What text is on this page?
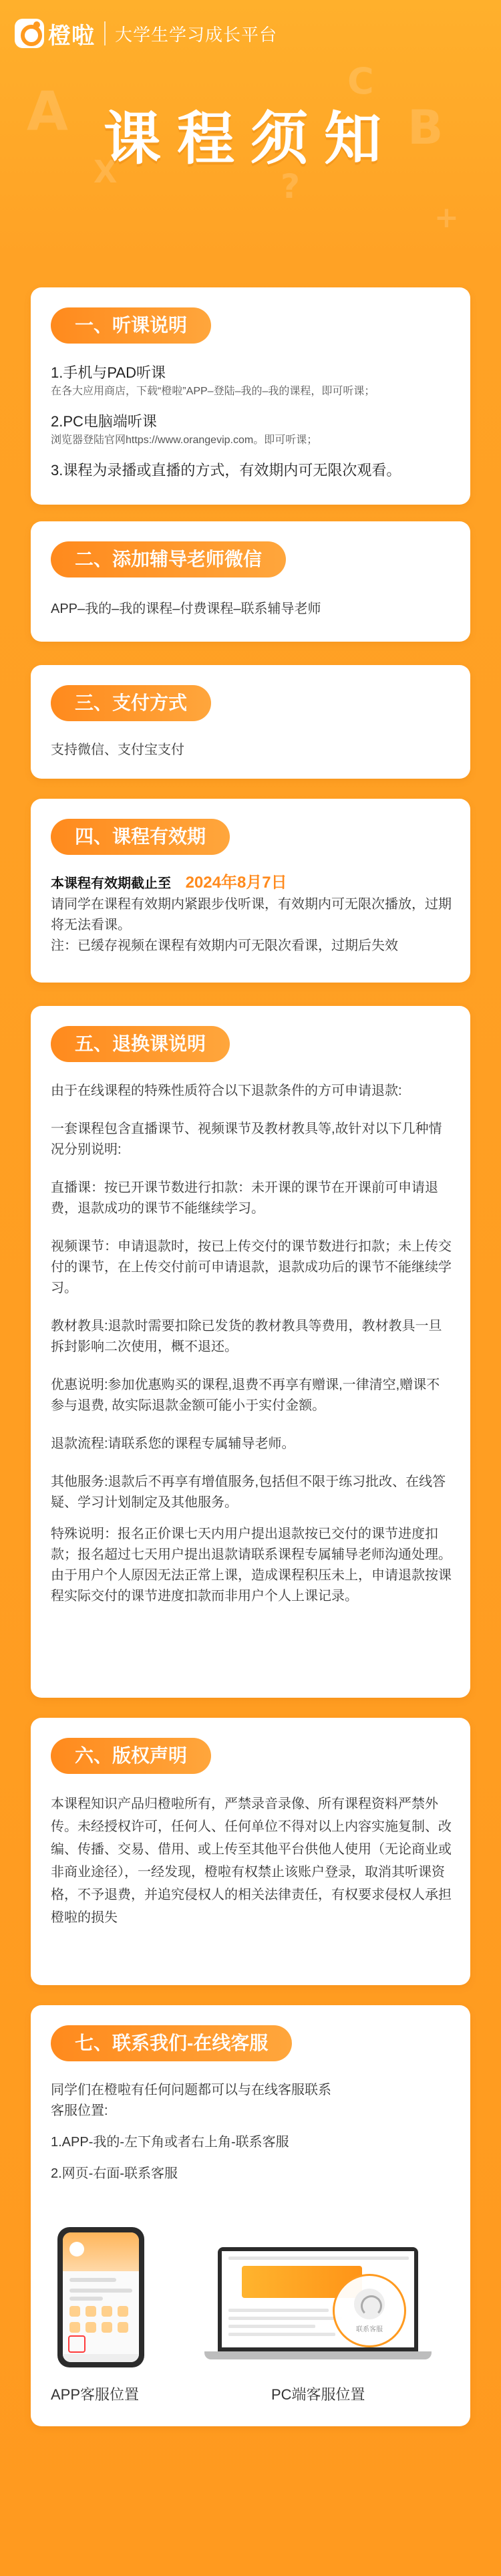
A	B
X
C
?
+
橙啦 大学生学习成长平台
课程须知
一、听课说明

1.手机与PAD听课

在各大应用商店，下载“橙啦”APP–登陆–我的–我的课程，即可听课；

2.PC电脑端听课

浏览器登陆官网https://www.orangevip.com。即可听课；

3.课程为录播或直播的方式，有效期内可无限次观看。

二、添加辅导老师微信

APP–我的–我的课程–付费课程–联系辅导老师

三、支付方式

支持微信、支付宝支付

四、课程有效期

本课程有效期截止至 2024年8月7日

请同学在课程有效期内紧跟步伐听课，有效期内可无限次播放，过期将无法看课。

注：已缓存视频在课程有效期内可无限次看课，过期后失效

五、退换课说明

由于在线课程的特殊性质符合以下退款条件的方可申请退款:

一套课程包含直播课节、视频课节及教材教具等,故针对以下几种情况分别说明:

直播课：按已开课节数进行扣款：未开课的课节在开课前可申请退费，退款成功的课节不能继续学习。

视频课节：申请退款时，按已上传交付的课节数进行扣款；未上传交付的课节，在上传交付前可申请退款，退款成功后的课节不能继续学习。

教材教具:退款时需要扣除已发货的教材教具等费用，教材教具一旦拆封影响二次使用，概不退还。

优惠说明:参加优惠购买的课程,退费不再享有赠课,一律清空,赠课不参与退费, 故实际退款金额可能小于实付金额。

退款流程:请联系您的课程专属辅导老师。

其他服务:退款后不再享有增值服务,包括但不限于练习批改、在线答疑、学习计划制定及其他服务。

特殊说明：报名正价课七天内用户提出退款按已交付的课节进度扣款；报名超过七天用户提出退款请联系课程专属辅导老师沟通处理。由于用户个人原因无法正常上课，造成课程积压未上，申请退款按课程实际交付的课节进度扣款而非用户个人上课记录。

六、版权声明

本课程知识产品归橙啦所有，严禁录音录像、所有课程资料严禁外传。未经授权许可，任何人、任何单位不得对以上内容实施复制、改编、传播、交易、借用、或上传至其他平台供他人使用（无论商业或非商业途径），一经发现，橙啦有权禁止该账户登录，取消其听课资格，不予退费，并追究侵权人的相关法律责任，有权要求侵权人承担橙啦的损失

七、联系我们-在线客服

同学们在橙啦有任何问题都可以与在线客服联系

客服位置:

1.APP-我的-左下角或者右上角-联系客服

2.网页-右面-联系客服

联系客服
APP客服位置	PC端客服位置
